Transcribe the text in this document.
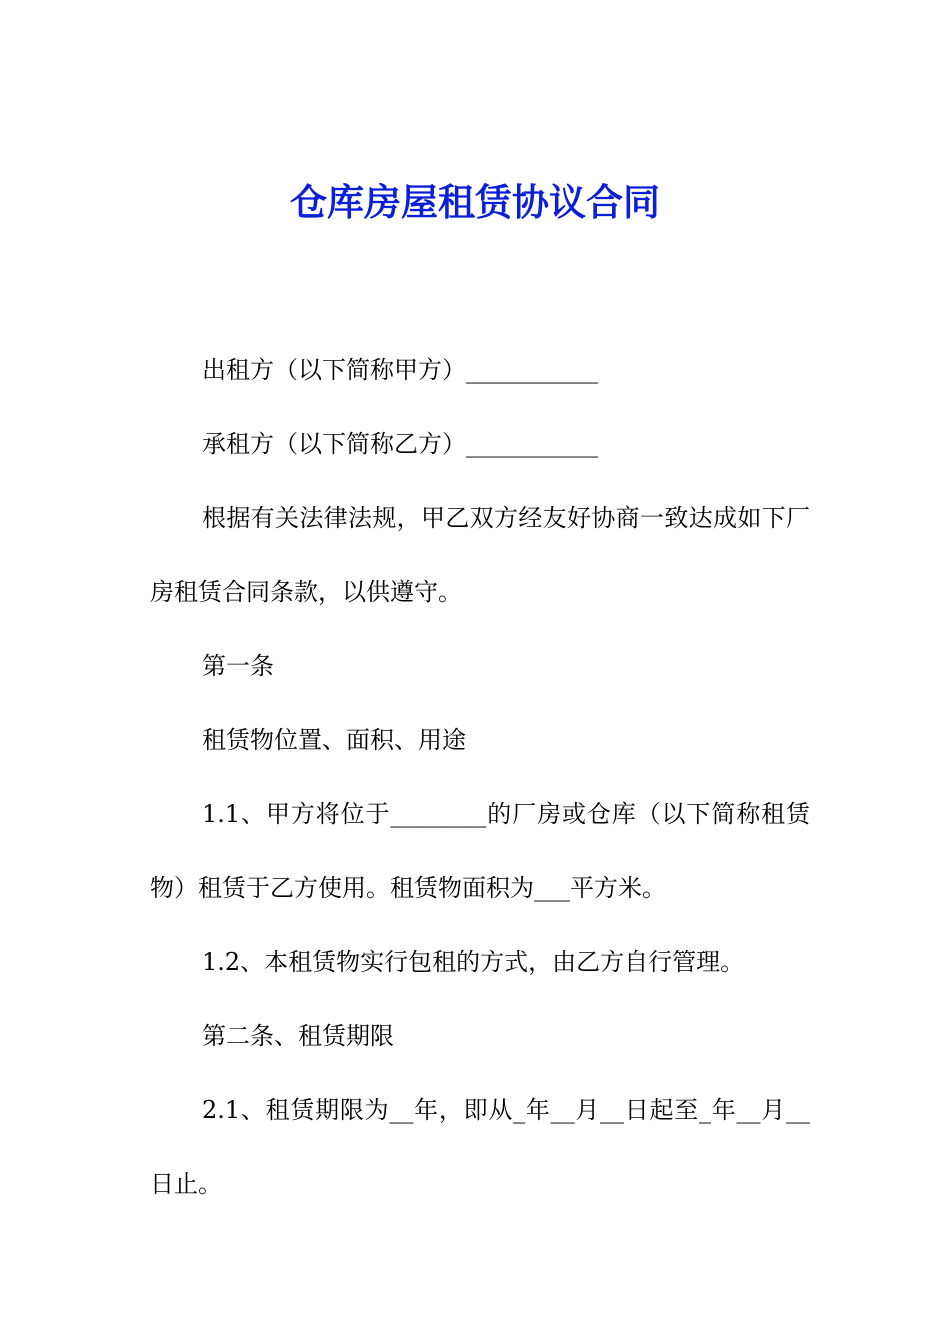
仓库房屋租赁协议合同

出租方（以下简称甲方）___________

承租方（以下简称乙方）___________

根据有关法律法规，甲乙双方经友好协商一致达成如下厂房租赁合同条款，以供遵守。

第一条

租赁物位置、面积、用途

1.1、甲方将位于________的厂房或仓库（以下简称租赁物）租赁于乙方使用。租赁物面积为___平方米。

1.2、本租赁物实行包租的方式，由乙方自行管理。

第二条、租赁期限

2.1、租赁期限为__年，即从_年__月__日起至_年__月__日止。
